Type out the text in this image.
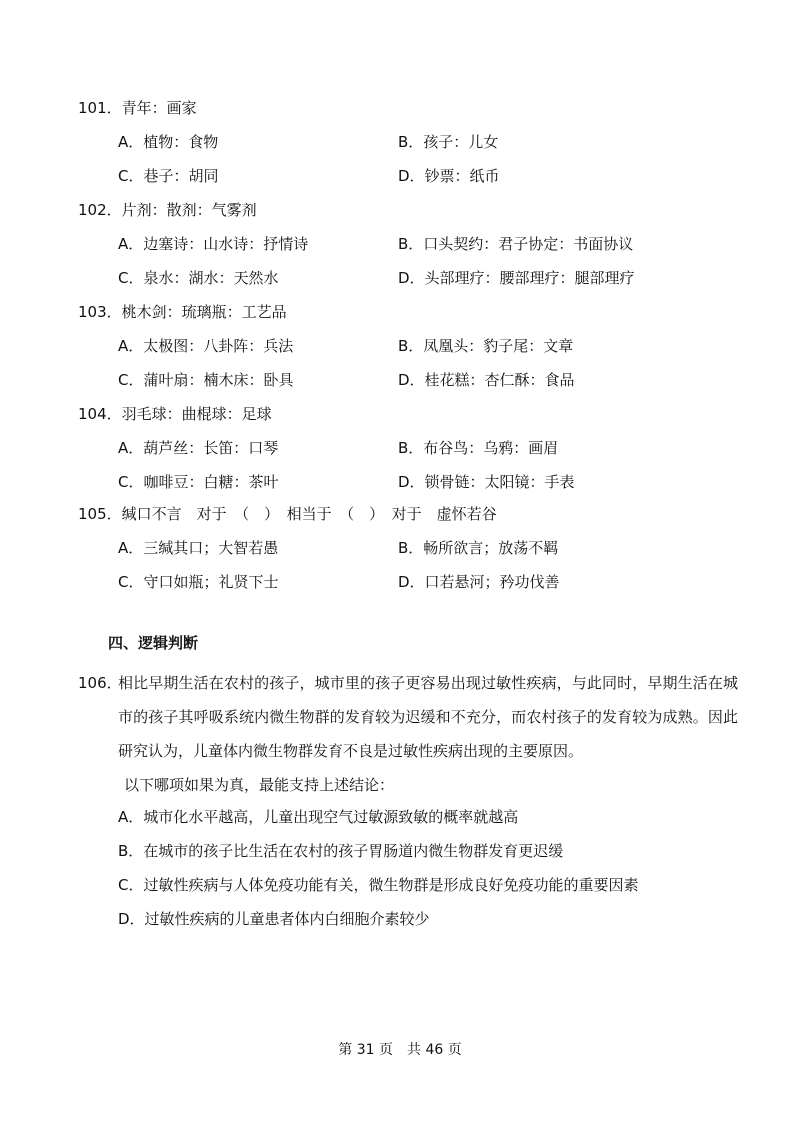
101．青年：画家
A．植物：食物	B．孩子：儿女
C．巷子：胡同	D．钞票：纸币
102．片剂：散剂：气雾剂
A．边塞诗：山水诗：抒情诗	B．口头契约：君子协定：书面协议
C．泉水：湖水：天然水	D．头部理疗：腰部理疗：腿部理疗
103．桃木剑：琉璃瓶：工艺品
A．太极图：八卦阵：兵法	B．凤凰头：豹子尾：文章
C．蒲叶扇：楠木床：卧具	D．桂花糕：杏仁酥：食品
104．羽毛球：曲棍球：足球
A．葫芦丝：长笛：口琴	B．布谷鸟：乌鸦：画眉
C．咖啡豆：白糖：茶叶	D．锁骨链：太阳镜：手表
105．缄口不言　对于　（　）　相当于　（　）　对于　虚怀若谷
A．三缄其口；大智若愚	B．畅所欲言；放荡不羁
C．守口如瓶；礼贤下士	D．口若悬河；矜功伐善
四、逻辑判断
106．
相比早期生活在农村的孩子，城市里的孩子更容易出现过敏性疾病，与此同时，早期生活在城市的孩子其呼吸系统内微生物群的发育较为迟缓和不充分，而农村孩子的发育较为成熟。因此研究认为，儿童体内微生物群发育不良是过敏性疾病出现的主要原因。
以下哪项如果为真，最能支持上述结论：
A．城市化水平越高，儿童出现空气过敏源致敏的概率就越高
B．在城市的孩子比生活在农村的孩子胃肠道内微生物群发育更迟缓
C．过敏性疾病与人体免疫功能有关，微生物群是形成良好免疫功能的重要因素
D．过敏性疾病的儿童患者体内白细胞介素较少
第 31 页　共 46 页
